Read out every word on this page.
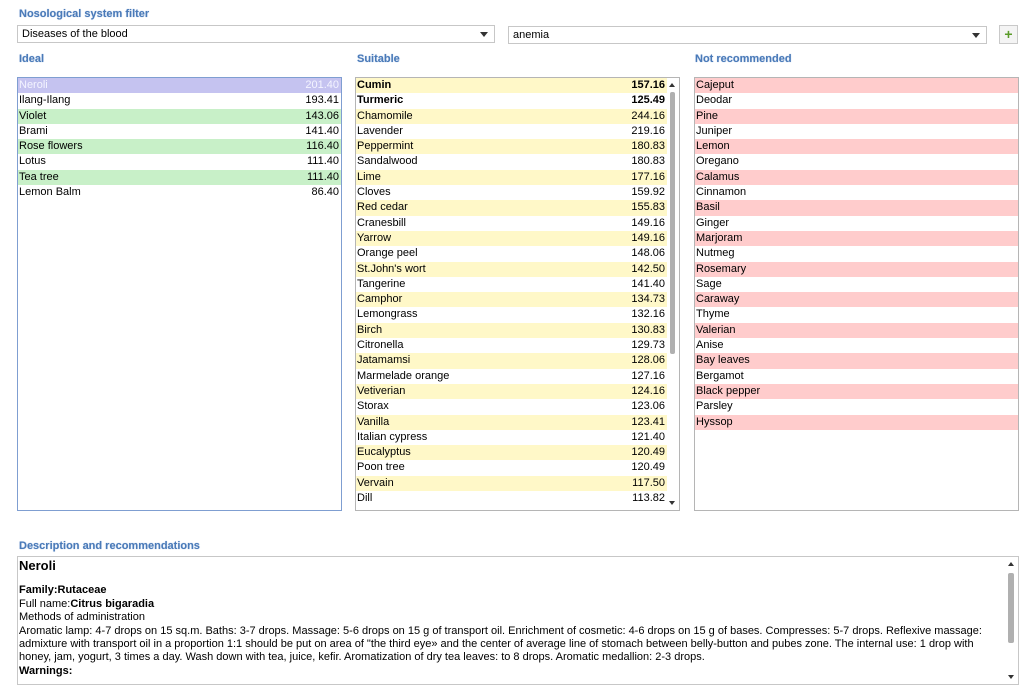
Nosological system filter
Diseases of the blood	anemia	+
Ideal	Suitable	Not recommended
Neroli	201.40
Ilang-Ilang	193.41
Violet	143.06
Brami	141.40
Rose flowers	116.40
Lotus	111.40
Tea tree	111.40
Lemon Balm	86.40
Cumin	157.16
Turmeric	125.49
Chamomile	244.16
Lavender	219.16
Peppermint	180.83
Sandalwood	180.83
Lime	177.16
Cloves	159.92
Red cedar	155.83
Cranesbill	149.16
Yarrow	149.16
Orange peel	148.06
St.John's wort	142.50
Tangerine	141.40
Camphor	134.73
Lemongrass	132.16
Birch	130.83
Citronella	129.73
Jatamamsi	128.06
Marmelade orange	127.16
Vetiverian	124.16
Storax	123.06
Vanilla	123.41
Italian cypress	121.40
Eucalyptus	120.49
Poon tree	120.49
Vervain	117.50
Dill	113.82
Cajeput
Deodar
Pine
Juniper
Lemon
Oregano
Calamus
Cinnamon
Basil
Ginger
Marjoram
Nutmeg
Rosemary
Sage
Caraway
Thyme
Valerian
Anise
Bay leaves
Bergamot
Black pepper
Parsley
Hyssop
Description and recommendations
Neroli
Family:Rutaceae
Full name:Citrus bigaradia
Methods of administration
Aromatic lamp: 4-7 drops on 15 sq.m. Baths: 3-7 drops. Massage: 5-6 drops on 15 g of transport oil. Enrichment of cosmetic: 4-6 drops on 15 g of bases. Compresses: 5-7 drops. Reflexive massage: admixture with transport oil in a proportion 1:1 should be put on area of "the third eye» and the center of average line of stomach between belly-button and pubes zone. The internal use: 1 drop with honey, jam, yogurt, 3 times a day. Wash down with tea, juice, kefir. Aromatization of dry tea leaves: to 8 drops. Aromatic medallion: 2-3 drops.
Warnings:
